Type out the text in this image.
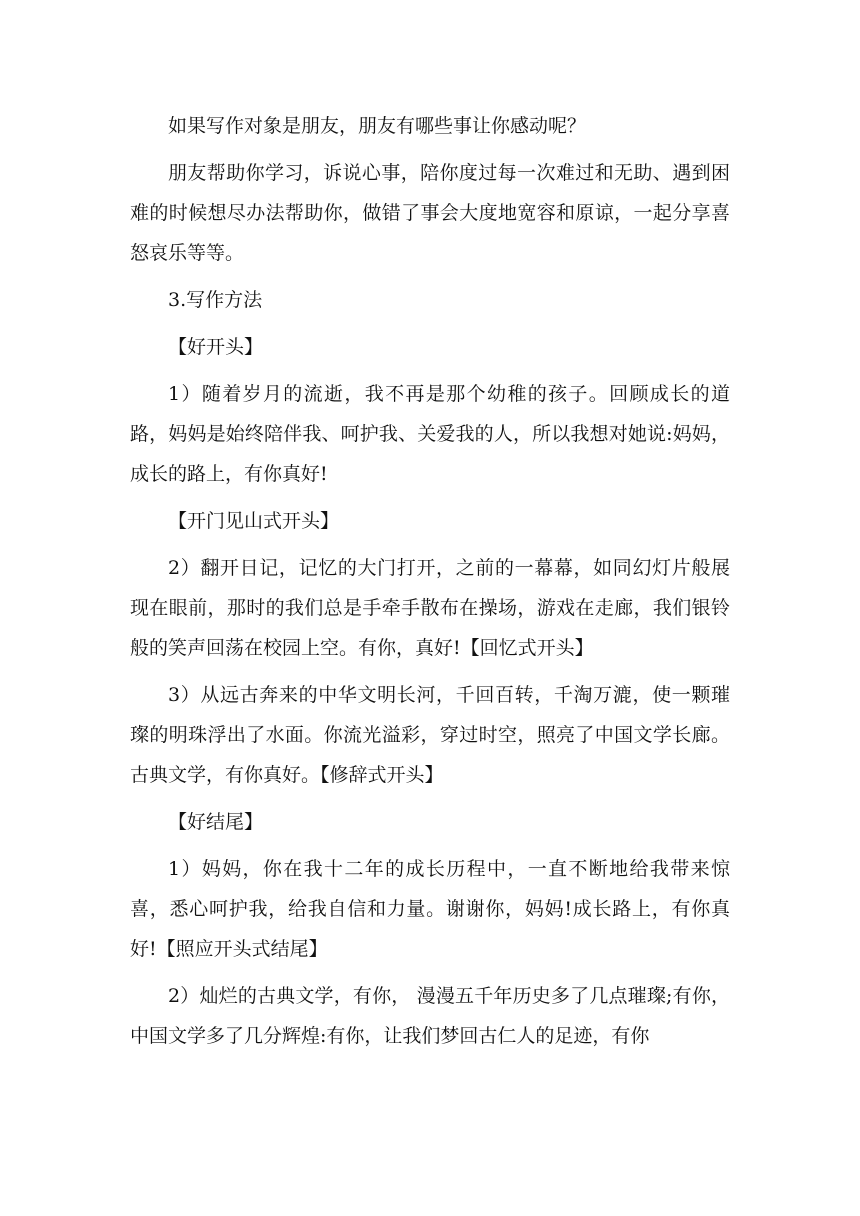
如果写作对象是朋友，朋友有哪些事让你感动呢？

朋友帮助你学习，诉说心事，陪你度过每一次难过和无助、遇到困难的时候想尽办法帮助你，做错了事会大度地宽容和原谅，一起分享喜怒哀乐等等。

3.写作方法

【好开头】

1）随着岁月的流逝，我不再是那个幼稚的孩子。回顾成长的道路，妈妈是始终陪伴我、呵护我、关爱我的人，所以我想对她说:妈妈，成长的路上，有你真好!

【开门见山式开头】

2）翻开日记，记忆的大门打开，之前的一幕幕，如同幻灯片般展现在眼前，那时的我们总是手牵手散布在操场，游戏在走廊，我们银铃般的笑声回荡在校园上空。有你，真好!【回忆式开头】

3）从远古奔来的中华文明长河，千回百转，千淘万漉，使一颗璀璨的明珠浮出了水面。你流光溢彩，穿过时空，照亮了中国文学长廊。古典文学，有你真好。【修辞式开头】

【好结尾】

1）妈妈，你在我十二年的成长历程中，一直不断地给我带来惊喜，悉心呵护我，给我自信和力量。谢谢你，妈妈!成长路上，有你真好!【照应开头式结尾】

2）灿烂的古典文学，有你， 漫漫五千年历史多了几点璀璨;有你，中国文学多了几分辉煌:有你，让我们梦回古仁人的足迹，有你
